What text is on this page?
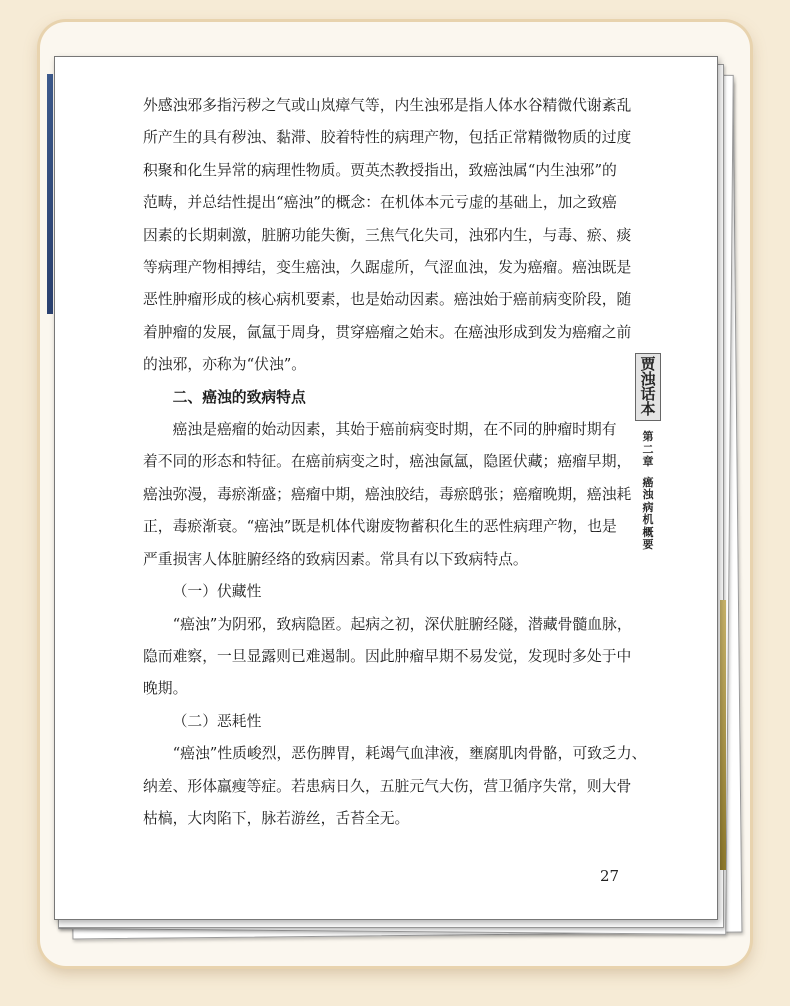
外感浊邪多指污秽之气或山岚瘴气等，内生浊邪是指人体水谷精微代谢紊乱
所产生的具有秽浊、黏滞、胶着特性的病理产物，包括正常精微物质的过度
积聚和化生异常的病理性物质。贾英杰教授指出，致癌浊属“内生浊邪”的
范畴，并总结性提出“癌浊”的概念：在机体本元亏虚的基础上，加之致癌
因素的长期刺激，脏腑功能失衡，三焦气化失司，浊邪内生，与毒、瘀、痰
等病理产物相搏结，变生癌浊，久踞虚所，气涩血浊，发为癌瘤。癌浊既是
恶性肿瘤形成的核心病机要素，也是始动因素。癌浊始于癌前病变阶段，随
着肿瘤的发展，氤氲于周身，贯穿癌瘤之始末。在癌浊形成到发为癌瘤之前
的浊邪，亦称为“伏浊”。

二、癌浊的致病特点

癌浊是癌瘤的始动因素，其始于癌前病变时期，在不同的肿瘤时期有
着不同的形态和特征。在癌前病变之时，癌浊氤氲，隐匿伏藏；癌瘤早期，
癌浊弥漫，毒瘀渐盛；癌瘤中期，癌浊胶结，毒瘀鸱张；癌瘤晚期，癌浊耗
正，毒瘀渐衰。“癌浊”既是机体代谢废物蓄积化生的恶性病理产物，也是
严重损害人体脏腑经络的致病因素。常具有以下致病特点。

（一）伏藏性

“癌浊”为阴邪，致病隐匿。起病之初，深伏脏腑经隧，潜藏骨髓血脉，
隐而难察，一旦显露则已难遏制。因此肿瘤早期不易发觉，发现时多处于中
晚期。

（二）恶耗性

“癌浊”性质峻烈，恶伤脾胃，耗竭气血津液，壅腐肌肉骨骼，可致乏力、
纳差、形体羸瘦等症。若患病日久，五脏元气大伤，营卫循序失常，则大骨
枯槁，大肉陷下，脉若游丝，舌苔全无。

贾
浊
话
本
第
二
章
癌
浊
病
机
概
要
27
